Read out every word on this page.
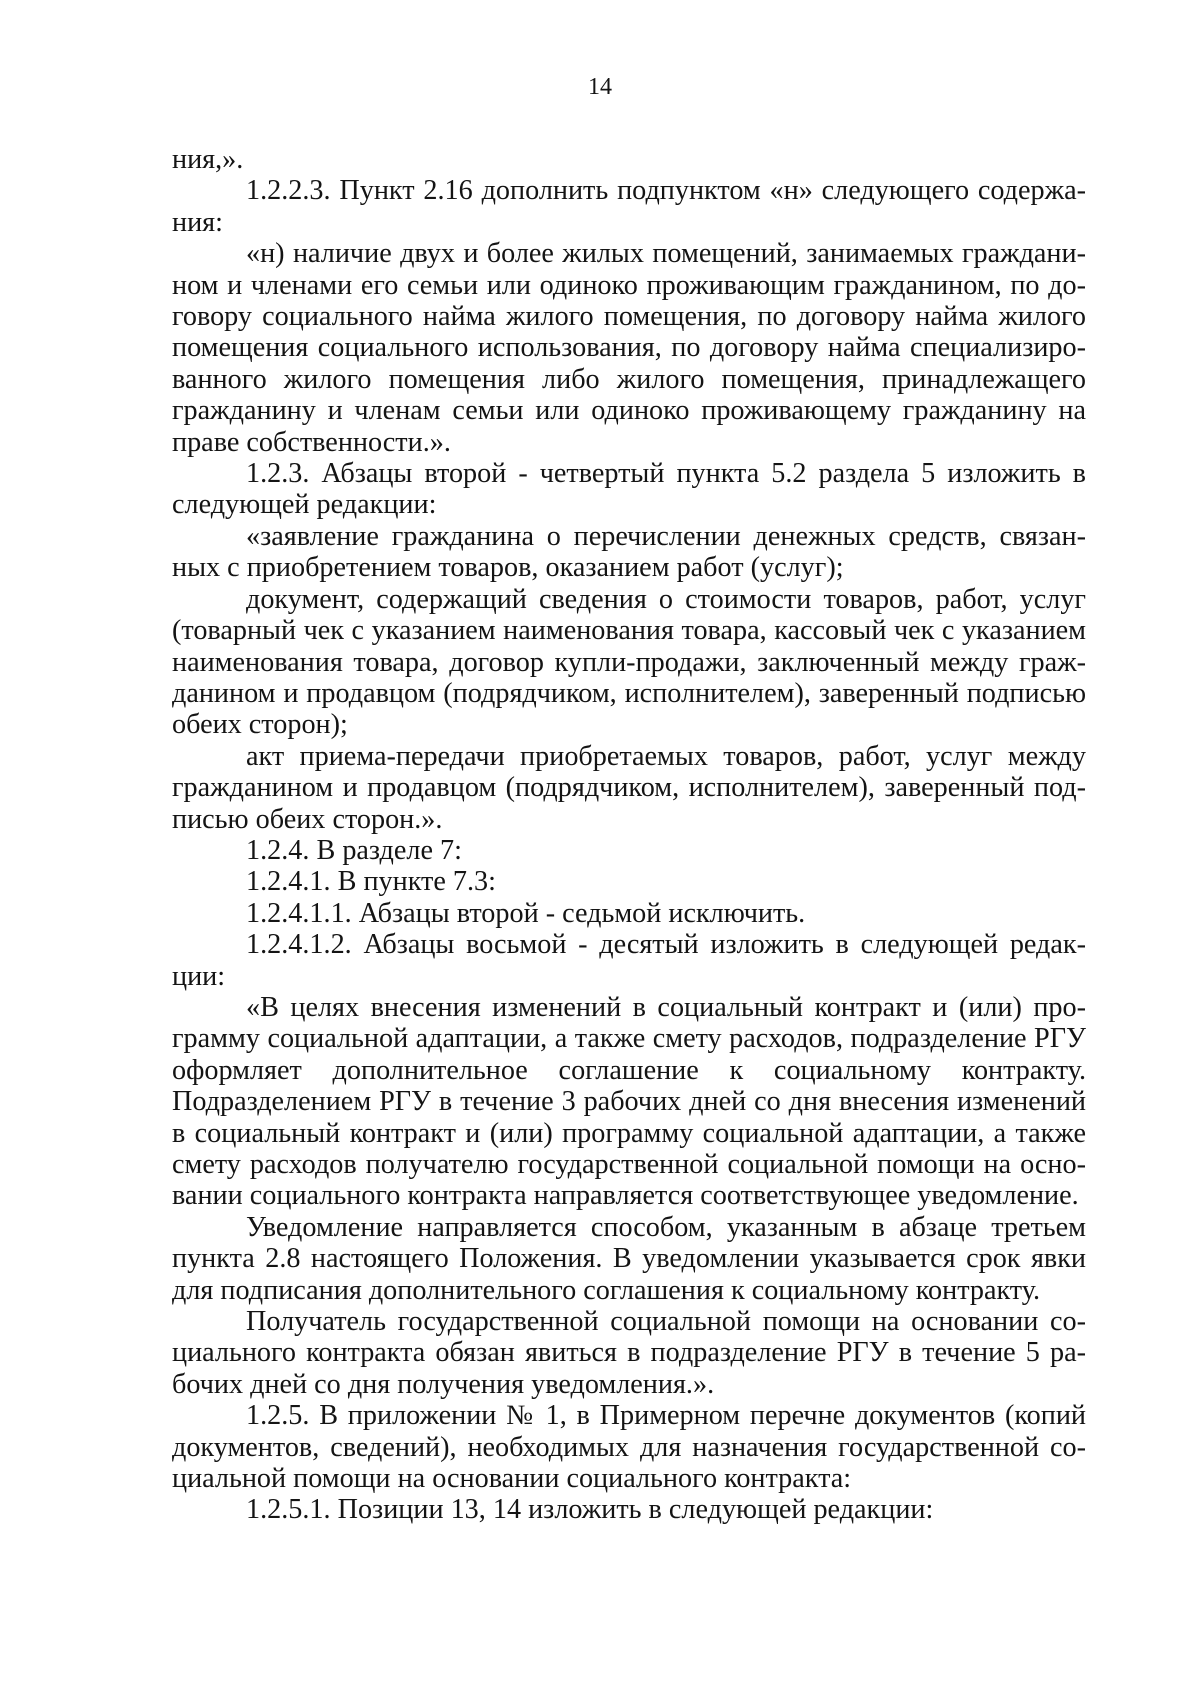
14

ния,».

1.2.2.3. Пункт 2.16 дополнить подпунктом «н» следующего содержания:

«н) наличие двух и более жилых помещений, занимаемых гражданином и членами его семьи или одиноко проживающим гражданином, по договору социального найма жилого помещения, по договору найма жилого помещения социального использования, по договору найма специализированного жилого помещения либо жилого помещения, принадлежащего гражданину и членам семьи или одиноко проживающему гражданину на праве собственности.».

1.2.3. Абзацы второй - четвертый пункта 5.2 раздела 5 изложить в следующей редакции:

«заявление гражданина о перечислении денежных средств, связанных с приобретением товаров, оказанием работ (услуг);

документ, содержащий сведения о стоимости товаров, работ, услуг (товарный чек с указанием наименования товара, кассовый чек с указанием наименования товара, договор купли-продажи, заключенный между гражданином и продавцом (подрядчиком, исполнителем), заверенный подписью обеих сторон);

акт приема-передачи приобретаемых товаров, работ, услуг между гражданином и продавцом (подрядчиком, исполнителем), заверенный подписью обеих сторон.».

1.2.4. В разделе 7:

1.2.4.1. В пункте 7.3:

1.2.4.1.1. Абзацы второй - седьмой исключить.

1.2.4.1.2. Абзацы восьмой - десятый изложить в следующей редакции:

«В целях внесения изменений в социальный контракт и (или) программу социальной адаптации, а также смету расходов, подразделение РГУ оформляет дополнительное соглашение к социальному контракту. Подразделением РГУ в течение 3 рабочих дней со дня внесения изменений в социальный контракт и (или) программу социальной адаптации, а также смету расходов получателю государственной социальной помощи на основании социального контракта направляется соответствующее уведомление.

Уведомление направляется способом, указанным в абзаце третьем пункта 2.8 настоящего Положения. В уведомлении указывается срок явки для подписания дополнительного соглашения к социальному контракту.

Получатель государственной социальной помощи на основании социального контракта обязан явиться в подразделение РГУ в течение 5 рабочих дней со дня получения уведомления.».

1.2.5. В приложении № 1, в Примерном перечне документов (копий документов, сведений), необходимых для назначения государственной социальной помощи на основании социального контракта:

1.2.5.1. Позиции 13, 14 изложить в следующей редакции:
